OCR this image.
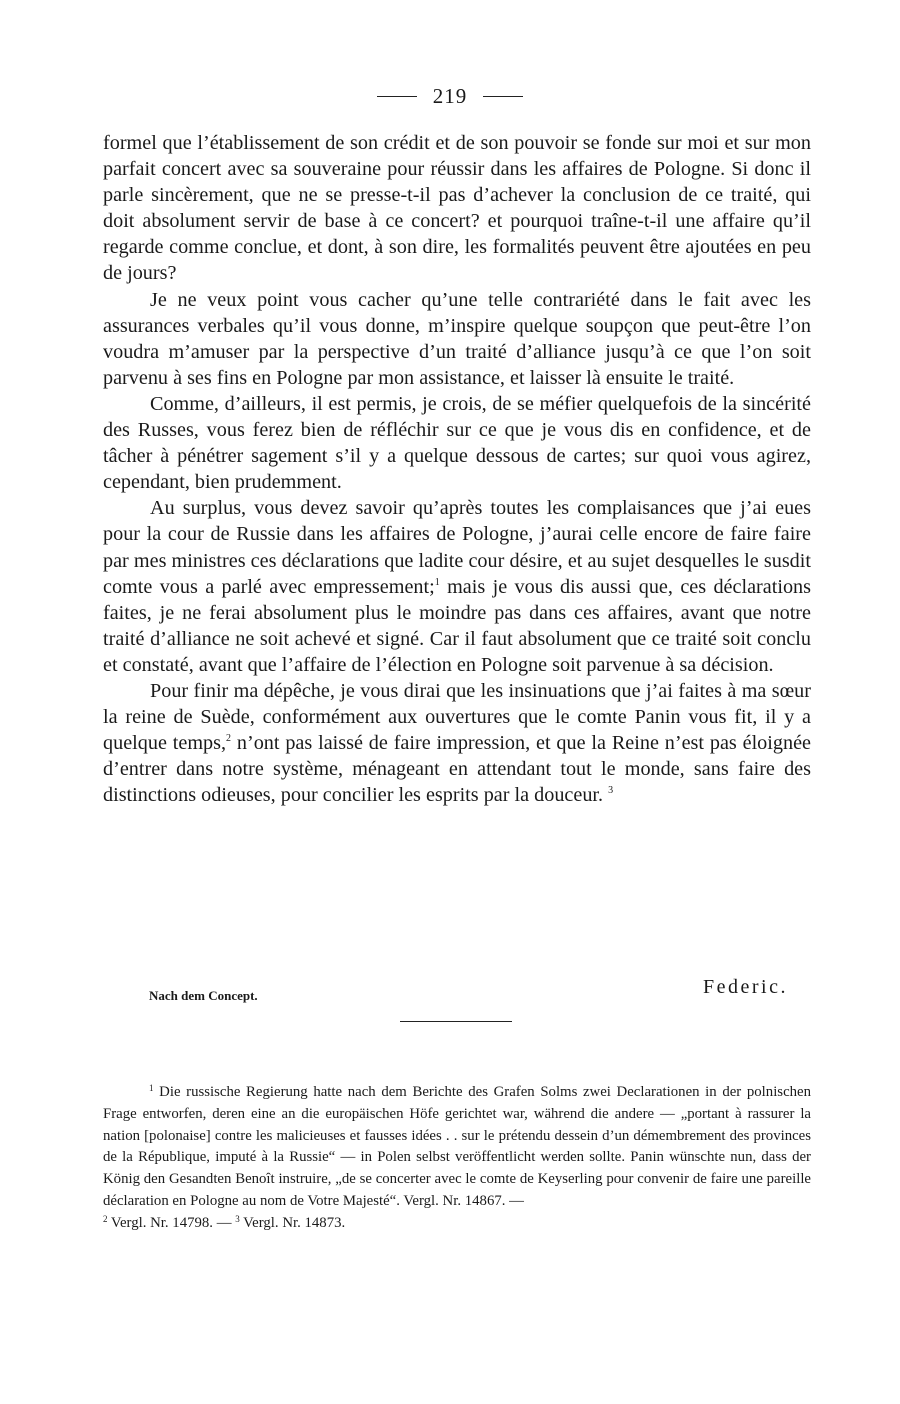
219

formel que l’établissement de son crédit et de son pouvoir se fonde sur moi et sur mon parfait concert avec sa souveraine pour réussir dans les affaires de Pologne. Si donc il parle sincèrement, que ne se presse-t-il pas d’achever la conclusion de ce traité, qui doit absolument servir de base à ce concert? et pourquoi traîne-t-il une affaire qu’il regarde comme conclue, et dont, à son dire, les formalités peuvent être ajoutées en peu de jours?

Je ne veux point vous cacher qu’une telle contrariété dans le fait avec les assurances verbales qu’il vous donne, m’inspire quelque soupçon que peut-être l’on voudra m’amuser par la perspective d’un traité d’alliance jusqu’à ce que l’on soit parvenu à ses fins en Pologne par mon assistance, et laisser là ensuite le traité.

Comme, d’ailleurs, il est permis, je crois, de se méfier quelquefois de la sincérité des Russes, vous ferez bien de réfléchir sur ce que je vous dis en confidence, et de tâcher à pénétrer sagement s’il y a quelque dessous de cartes; sur quoi vous agirez, cependant, bien prudemment.

Au surplus, vous devez savoir qu’après toutes les complaisances que j’ai eues pour la cour de Russie dans les affaires de Pologne, j’aurai celle encore de faire faire par mes ministres ces déclarations que ladite cour désire, et au sujet desquelles le susdit comte vous a parlé avec empressement;$^1$ mais je vous dis aussi que, ces déclarations faites, je ne ferai absolument plus le moindre pas dans ces affaires, avant que notre traité d’alliance ne soit achevé et signé. Car il faut absolument que ce traité soit conclu et constaté, avant que l’affaire de l’élection en Pologne soit parvenue à sa décision.

Pour finir ma dépêche, je vous dirai que les insinuations que j’ai faites à ma sœur la reine de Suède, conformément aux ouvertures que le comte Panin vous fit, il y a quelque temps,$^2$ n’ont pas laissé de faire impression, et que la Reine n’est pas éloignée d’entrer dans notre système, ménageant en attendant tout le monde, sans faire des distinctions odieuses, pour concilier les esprits par la douceur. $^3$

Nach dem Concept.	Federic.

$^1$ Die russische Regierung hatte nach dem Berichte des Grafen Solms zwei Declarationen in der polnischen Frage entworfen, deren eine an die europäischen Höfe gerichtet war, während die andere — „portant à rassurer la nation [polonaise] contre les malicieuses et fausses idées . . sur le prétendu dessein d’un démembrement des provinces de la République, imputé à la Russie“ — in Polen selbst veröffentlicht werden sollte. Panin wünschte nun, dass der König den Gesandten Benoît instruire, „de se concerter avec le comte de Keyserling pour convenir de faire une pareille déclaration en Pologne au nom de Votre Majesté“. Vergl. Nr. 14867. —

$^2$ Vergl. Nr. 14798. — $^3$ Vergl. Nr. 14873.
